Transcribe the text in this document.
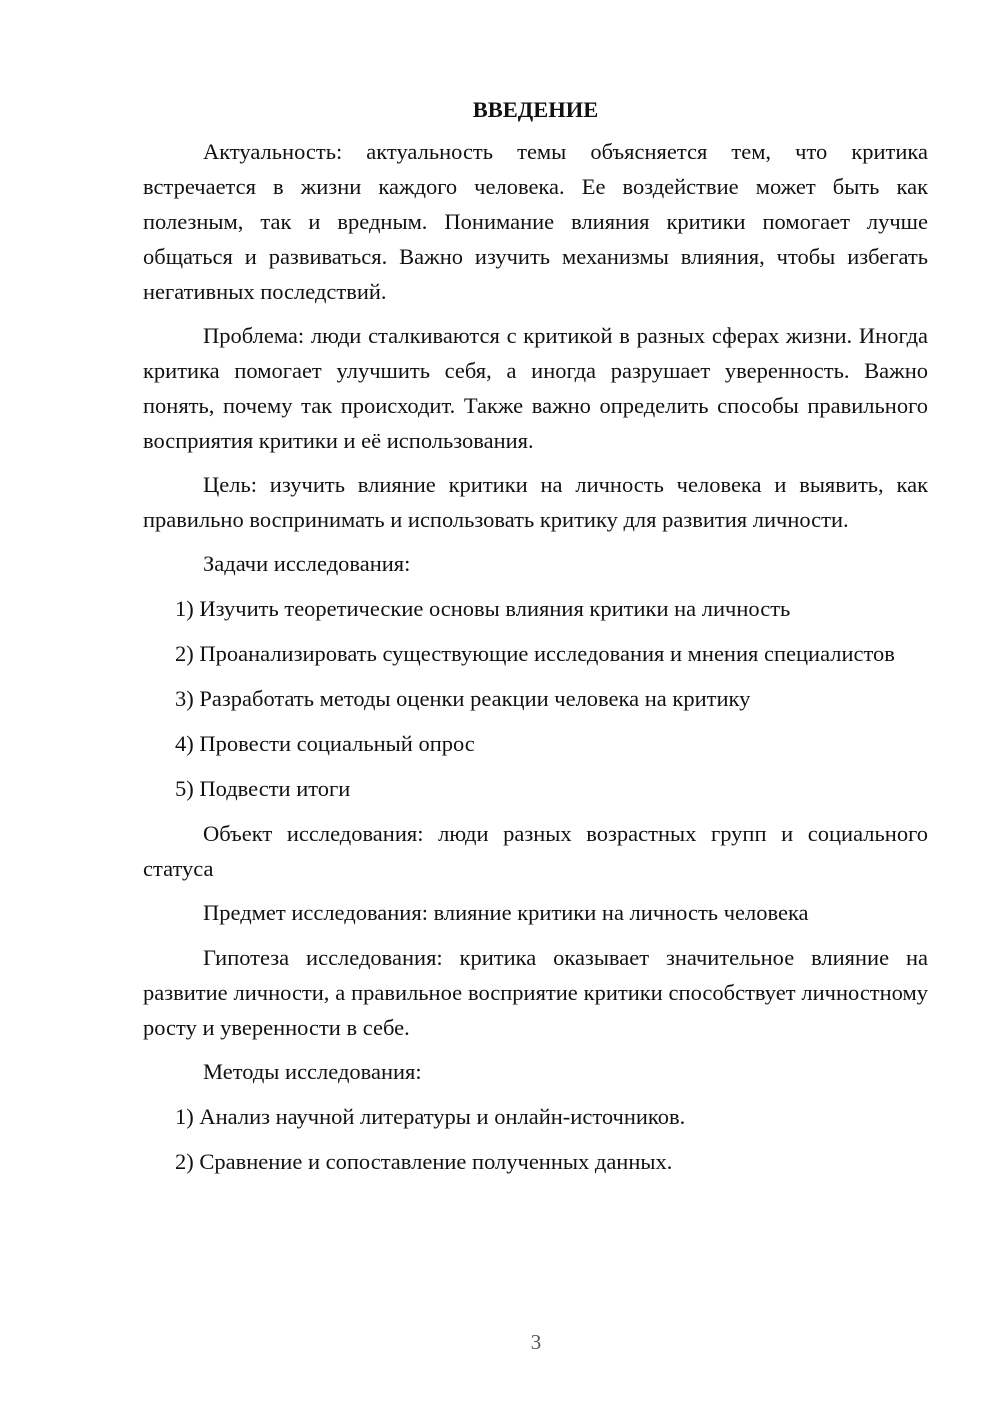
ВВЕДЕНИЕ

Актуальность: актуальность темы объясняется тем, что критика встречается в жизни каждого человека. Ее воздействие может быть как полезным, так и вредным. Понимание влияния критики помогает лучше общаться и развиваться. Важно изучить механизмы влияния, чтобы избегать негативных последствий.

Проблема: люди сталкиваются с критикой в разных сферах жизни. Иногда критика помогает улучшить себя, а иногда разрушает уверенность. Важно понять, почему так происходит. Также важно определить способы правильного восприятия критики и её использования.

Цель: изучить влияние критики на личность человека и выявить, как правильно воспринимать и использовать критику для развития личности.

Задачи исследования:

1) Изучить теоретические основы влияния критики на личность

2) Проанализировать существующие исследования и мнения специалистов

3) Разработать методы оценки реакции человека на критику

4) Провести социальный опрос

5) Подвести итоги

Объект исследования: люди разных возрастных групп и социального статуса

Предмет исследования: влияние критики на личность человека

Гипотеза исследования: критика оказывает значительное влияние на развитие личности, а правильное восприятие критики способствует личностному росту и уверенности в себе.

Методы исследования:

1) Анализ научной литературы и онлайн-источников.

2) Сравнение и сопоставление полученных данных.

3
